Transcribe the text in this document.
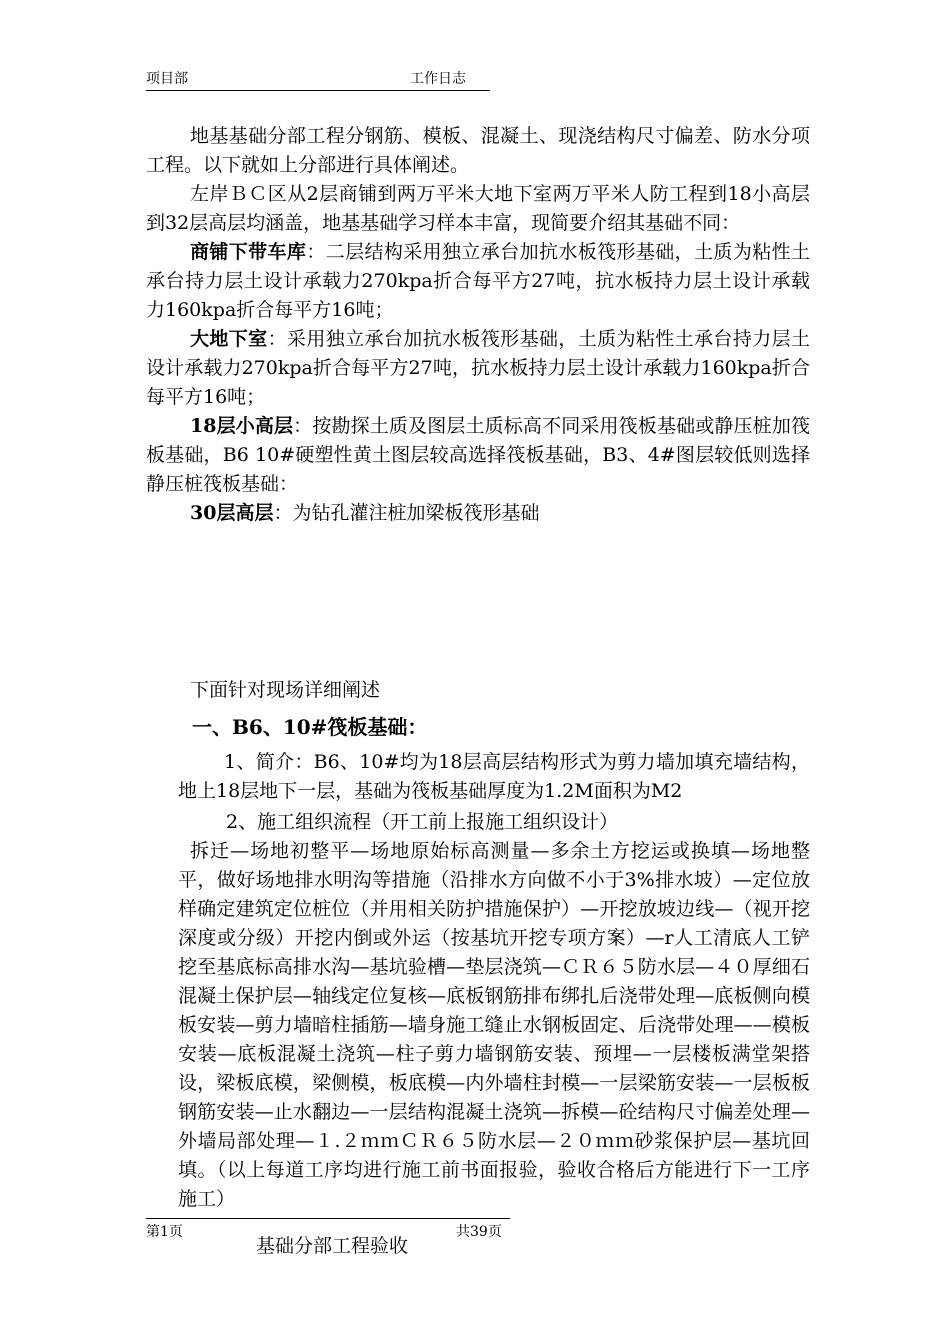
项目部	工作日志

地基基础分部工程分钢筋、模板、混凝土、现浇结构尺寸偏差、防水分项工程。以下就如上分部进行具体阐述。

左岸ＢＣ区从2层商铺到两万平米大地下室两万平米人防工程到18小高层到32层高层均涵盖，地基基础学习样本丰富，现简要介绍其基础不同：

商铺下带车库：二层结构采用独立承台加抗水板筏形基础，土质为粘性土承台持力层土设计承载力270kpa折合每平方27吨，抗水板持力层土设计承载力160kpa折合每平方16吨；

大地下室：采用独立承台加抗水板筏形基础，土质为粘性土承台持力层土设计承载力270kpa折合每平方27吨，抗水板持力层土设计承载力160kpa折合每平方16吨；

18层小高层：按勘探土质及图层土质标高不同采用筏板基础或静压桩加筏板基础，B6 10#硬塑性黄土图层较高选择筏板基础，B3、4#图层较低则选择静压桩筏板基础：

30层高层：为钻孔灌注桩加梁板筏形基础

下面针对现场详细阐述

一、B6、10#筏板基础：

1、简介：B6、10#均为18层高层结构形式为剪力墙加填充墙结构，地上18层地下一层，基础为筏板基础厚度为1.2M面积为M2

2、施工组织流程（开工前上报施工组织设计）

拆迁—场地初整平—场地原始标高测量—多余土方挖运或换填—场地整平，做好场地排水明沟等措施（沿排水方向做不小于3%排水坡）—定位放样确定建筑定位桩位（并用相关防护措施保护）—开挖放坡边线—（视开挖深度或分级）开挖内倒或外运（按基坑开挖专项方案）—r人工清底人工铲挖至基底标高排水沟—基坑验槽—垫层浇筑—ＣＲ６５防水层—４０厚细石混凝土保护层—轴线定位复核—底板钢筋排布绑扎后浇带处理—底板侧向模板安装—剪力墙暗柱插筋—墙身施工缝止水钢板固定、后浇带处理——模板安装—底板混凝土浇筑—柱子剪力墙钢筋安装、预埋—一层楼板满堂架搭设，梁板底模，梁侧模，板底模—内外墙柱封模—一层梁筋安装—一层板板钢筋安装—止水翻边—一层结构混凝土浇筑—拆模—砼结构尺寸偏差处理—外墙局部处理—１.２ｍｍＣＲ６５防水层—２０ｍｍ砂浆保护层—基坑回填。（以上每道工序均进行施工前书面报验，验收合格后方能进行下一工序施工）

基础分部工程验收

第1页	共39页
